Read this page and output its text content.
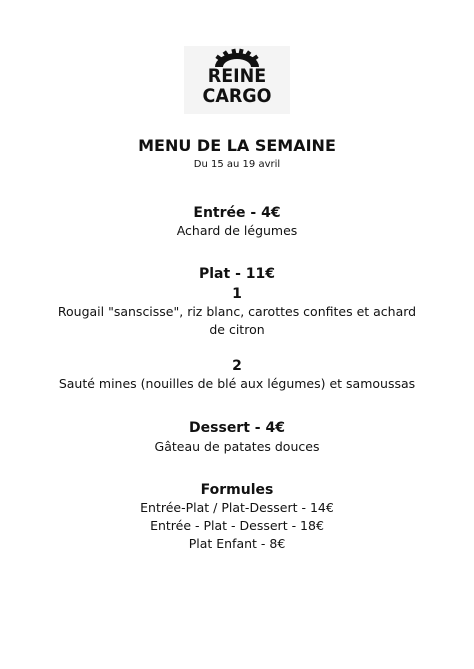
REINE
CARGO
MENU DE LA SEMAINE
Du 15 au 19 avril
Entrée - 4€
Achard de légumes
Plat - 11€
1
Rougail "sanscisse", riz blanc, carottes confites et achard de citron
2
Sauté mines (nouilles de blé aux légumes) et samoussas
Dessert - 4€
Gâteau de patates douces
Formules
Entrée-Plat / Plat-Dessert - 14€
Entrée - Plat - Dessert - 18€
Plat Enfant - 8€
